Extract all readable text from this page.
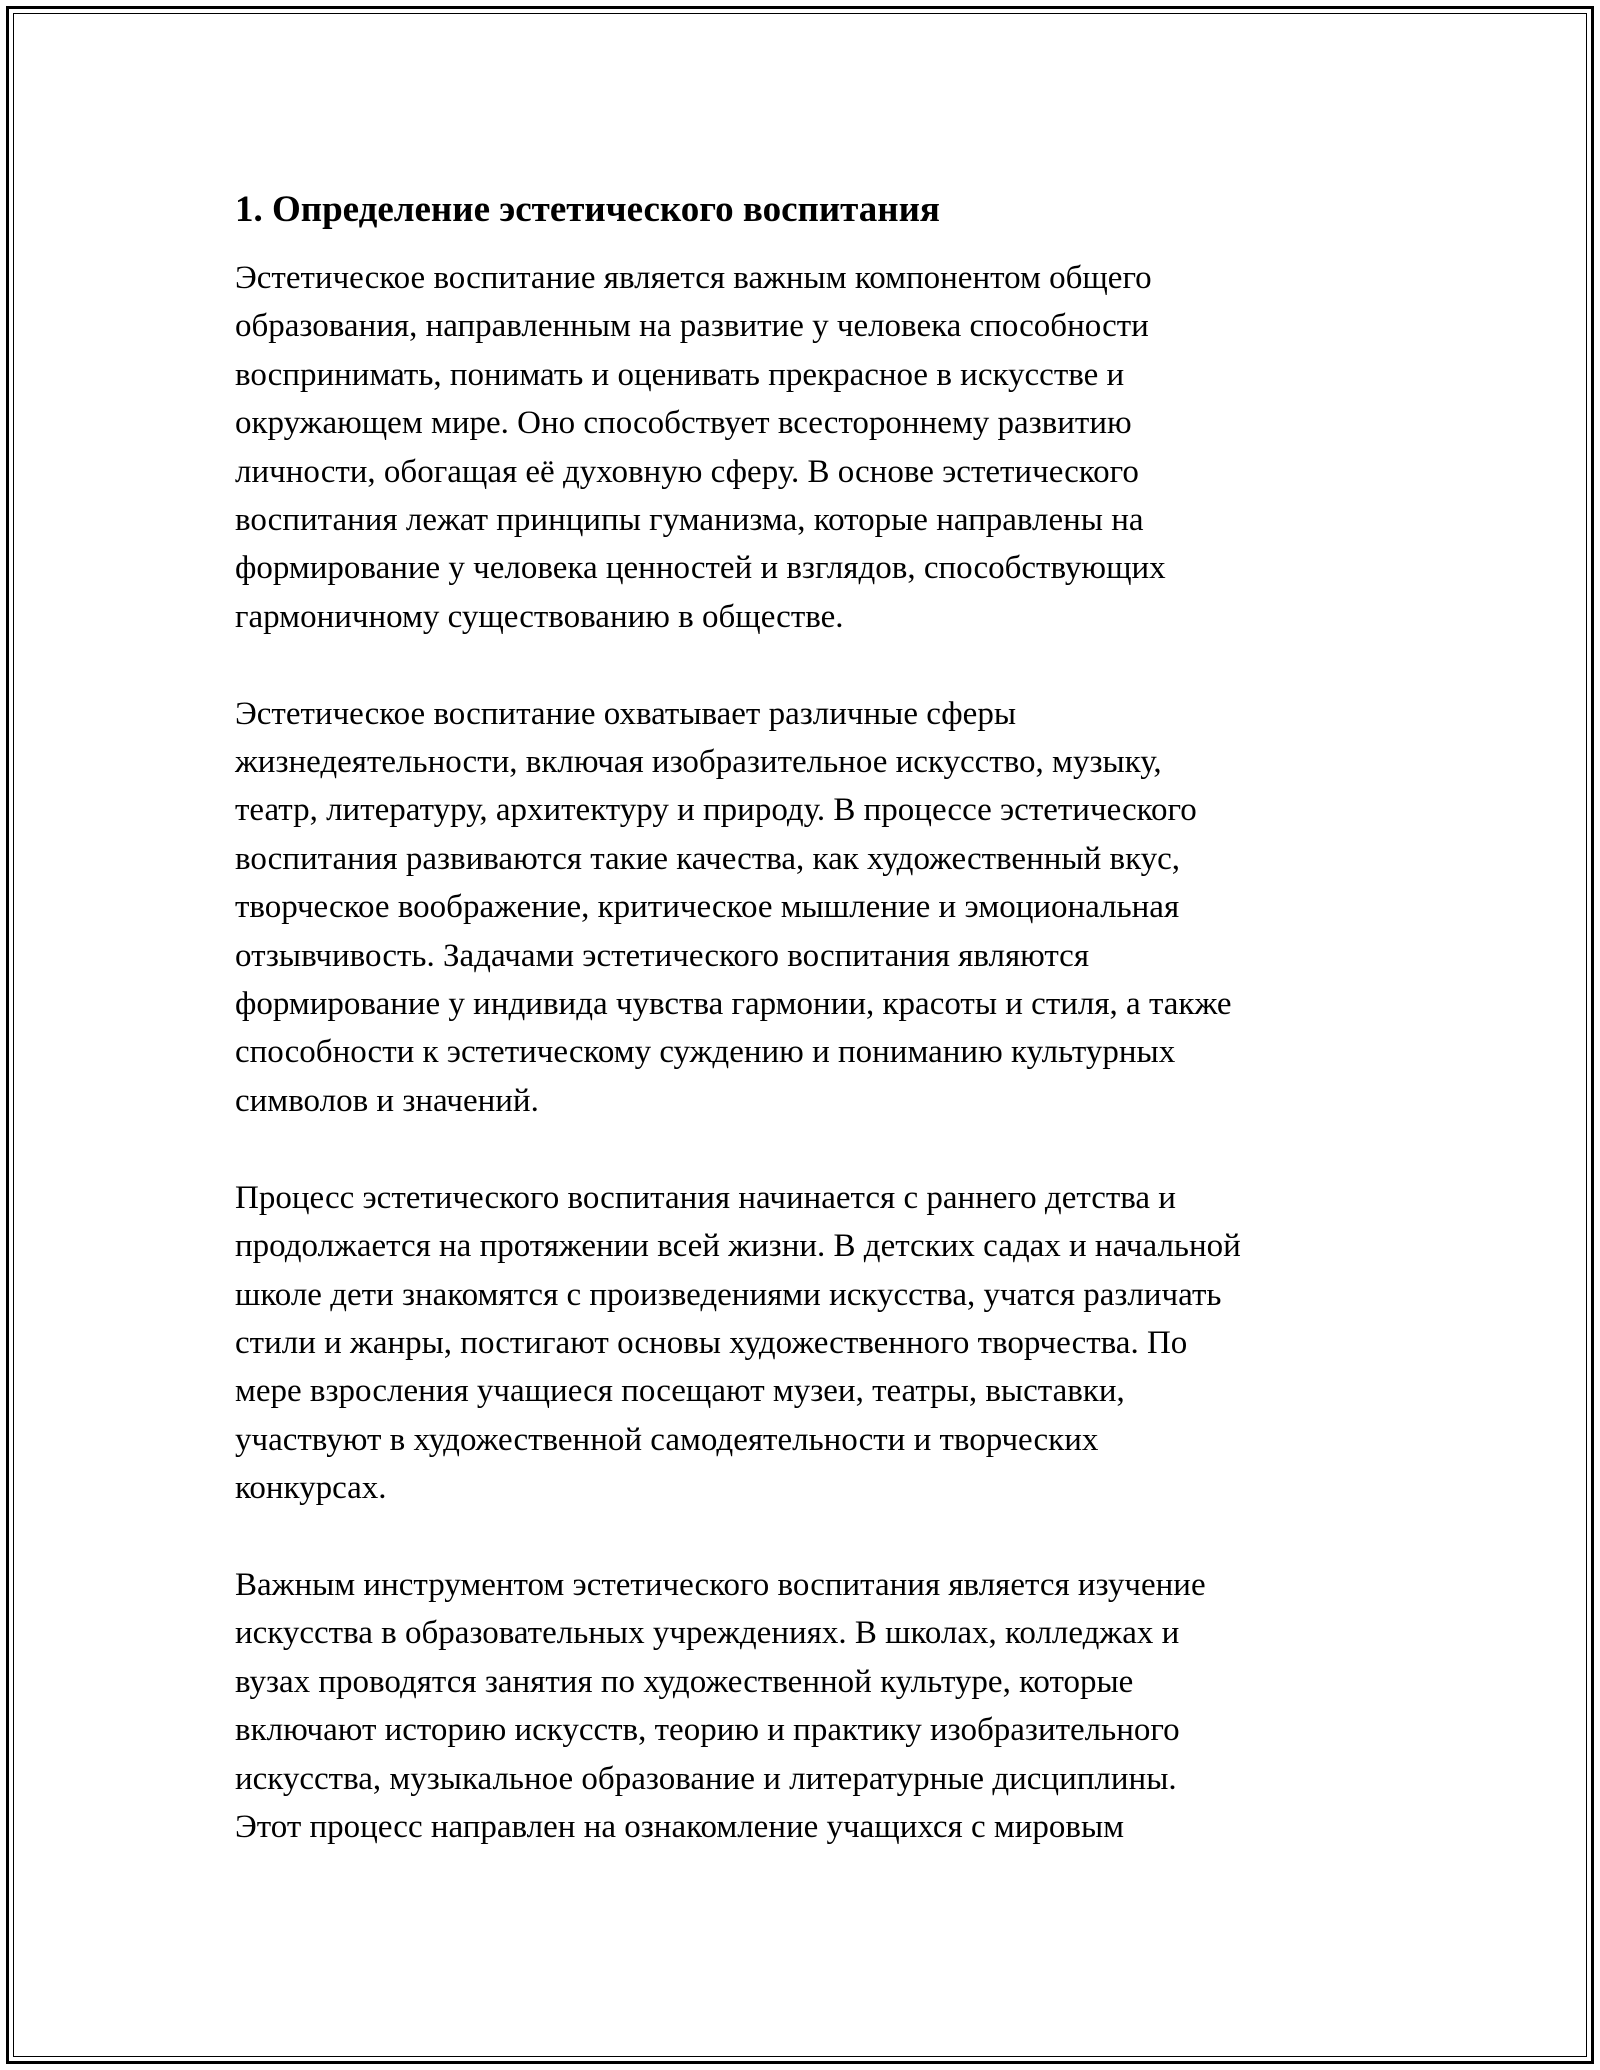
1. Определение эстетического воспитания

Эстетическое воспитание является важным компонентом общего
образования, направленным на развитие у человека способности
воспринимать, понимать и оценивать прекрасное в искусстве и
окружающем мире. Оно способствует всестороннему развитию
личности, обогащая её духовную сферу. В основе эстетического
воспитания лежат принципы гуманизма, которые направлены на
формирование у человека ценностей и взглядов, способствующих
гармоничному существованию в обществе.

Эстетическое воспитание охватывает различные сферы
жизнедеятельности, включая изобразительное искусство, музыку,
театр, литературу, архитектуру и природу. В процессе эстетического
воспитания развиваются такие качества, как художественный вкус,
творческое воображение, критическое мышление и эмоциональная
отзывчивость. Задачами эстетического воспитания являются
формирование у индивида чувства гармонии, красоты и стиля, а также
способности к эстетическому суждению и пониманию культурных
символов и значений.

Процесс эстетического воспитания начинается с раннего детства и
продолжается на протяжении всей жизни. В детских садах и начальной
школе дети знакомятся с произведениями искусства, учатся различать
стили и жанры, постигают основы художественного творчества. По
мере взросления учащиеся посещают музеи, театры, выставки,
участвуют в художественной самодеятельности и творческих
конкурсах.

Важным инструментом эстетического воспитания является изучение
искусства в образовательных учреждениях. В школах, колледжах и
вузах проводятся занятия по художественной культуре, которые
включают историю искусств, теорию и практику изобразительного
искусства, музыкальное образование и литературные дисциплины.
Этот процесс направлен на ознакомление учащихся с мировым
